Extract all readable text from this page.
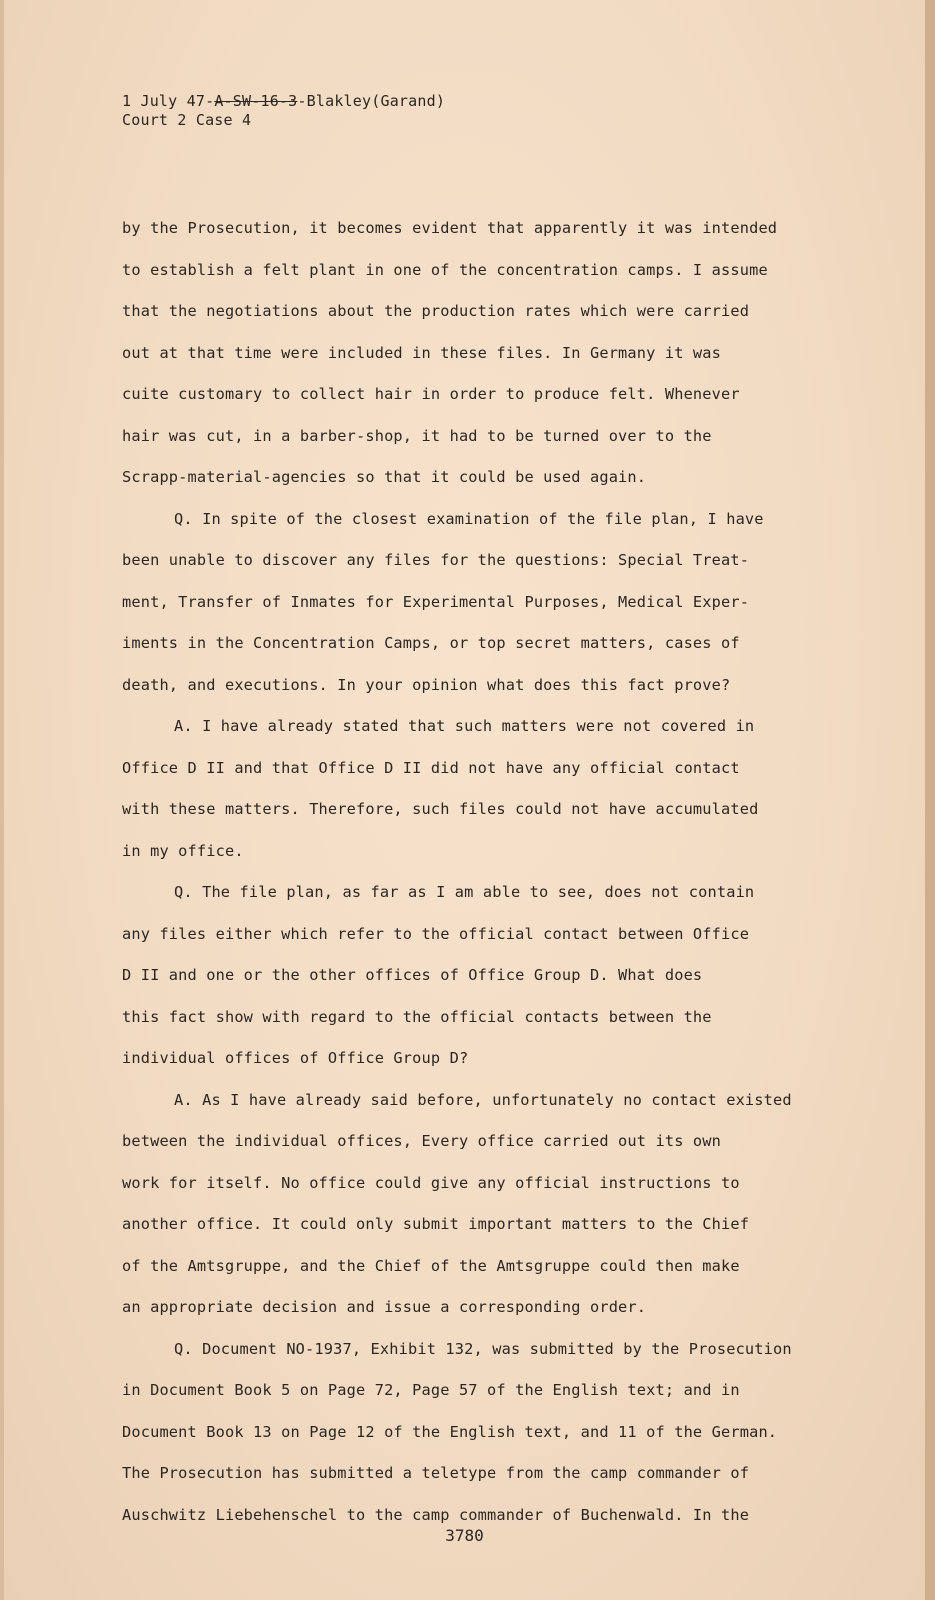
1 July 47-A-SW-16-3-Blakley(Garand)
Court 2 Case 4
by the Prosecution, it becomes evident that apparently it was intended
to establish a felt plant in one of the concentration camps. I assume
that the negotiations about the production rates which were carried
out at that time were included in these files. In Germany it was
cuite customary to collect hair in order to produce felt. Whenever
hair was cut, in a barber-shop, it had to be turned over to the
Scrapp-material-agencies so that it could be used again.
Q. In spite of the closest examination of the file plan, I have
been unable to discover any files for the questions: Special Treat-
ment, Transfer of Inmates for Experimental Purposes, Medical Exper-
iments in the Concentration Camps, or top secret matters, cases of
death, and executions. In your opinion what does this fact prove?
A. I have already stated that such matters were not covered in
Office D II and that Office D II did not have any official contact
with these matters. Therefore, such files could not have accumulated
in my office.
Q. The file plan, as far as I am able to see, does not contain
any files either which refer to the official contact between Office
D II and one or the other offices of Office Group D. What does
this fact show with regard to the official contacts between the
individual offices of Office Group D?
A. As I have already said before, unfortunately no contact existed
between the individual offices, Every office carried out its own
work for itself. No office could give any official instructions to
another office. It could only submit important matters to the Chief
of the Amtsgruppe, and the Chief of the Amtsgruppe could then make
an appropriate decision and issue a corresponding order.
Q. Document NO-1937, Exhibit 132, was submitted by the Prosecution
in Document Book 5 on Page 72, Page 57 of the English text; and in
Document Book 13 on Page 12 of the English text, and 11 of the German.
The Prosecution has submitted a teletype from the camp commander of
Auschwitz Liebehenschel to the camp commander of Buchenwald. In the
3780
